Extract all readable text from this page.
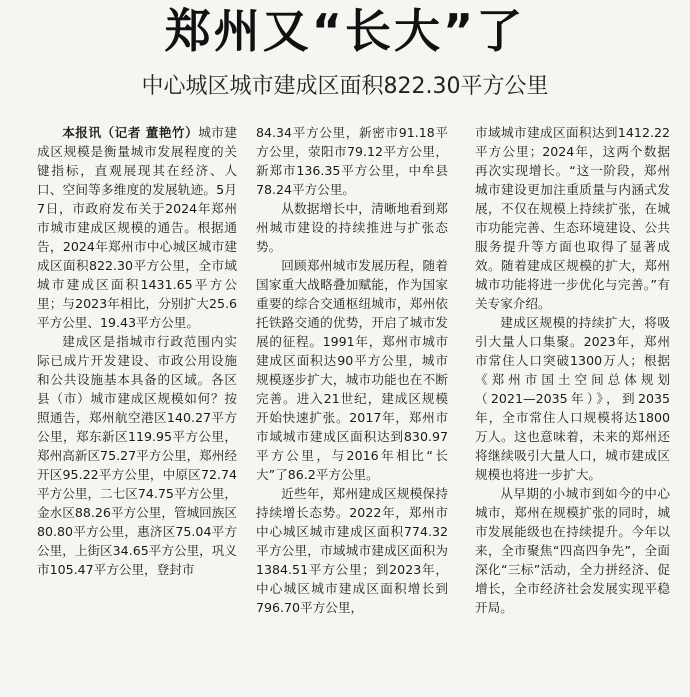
郑州又“长大”了
中心城区城市建成区面积822.30平方公里

本报讯（记者 董艳竹）城市建成区规模是衡量城市发展程度的关键指标，直观展现其在经济、人口、空间等多维度的发展轨迹。5月7日，市政府发布关于2024年郑州市城市建成区规模的通告。根据通告，2024年郑州市中心城区城市建成区面积822.30平方公里，全市域城市建成区面积1431.65平方公里；与2023年相比，分别扩大25.6平方公里、19.43平方公里。

建成区是指城市行政范围内实际已成片开发建设、市政公用设施和公共设施基本具备的区域。各区县（市）城市建成区规模如何？按照通告，郑州航空港区140.27平方公里，郑东新区119.95平方公里，郑州高新区75.27平方公里，郑州经开区95.22平方公里，中原区72.74平方公里，二七区74.75平方公里，金水区88.26平方公里，管城回族区80.80平方公里，惠济区75.04平方公里，上街区34.65平方公里，巩义市105.47平方公里，登封市

84.34平方公里，新密市91.18平方公里，荥阳市79.12平方公里，新郑市136.35平方公里，中牟县78.24平方公里。

从数据增长中，清晰地看到郑州城市建设的持续推进与扩张态势。

回顾郑州城市发展历程，随着国家重大战略叠加赋能，作为国家重要的综合交通枢纽城市，郑州依托铁路交通的优势，开启了城市发展的征程。1991年，郑州市城市建成区面积达90平方公里，城市规模逐步扩大，城市功能也在不断完善。进入21世纪，建成区规模开始快速扩张。2017年，郑州市市域城市建成区面积达到830.97平方公里，与2016年相比“长大”了86.2平方公里。

近些年，郑州建成区规模保持持续增长态势。2022年，郑州市中心城区城市建成区面积774.32平方公里，市域城市建成区面积为1384.51平方公里；到2023年，中心城区城市建成区面积增长到796.70平方公里，

市域城市建成区面积达到1412.22平方公里；2024年，这两个数据再次实现增长。“这一阶段，郑州城市建设更加注重质量与内涵式发展，不仅在规模上持续扩张，在城市功能完善、生态环境建设、公共服务提升等方面也取得了显著成效。随着建成区规模的扩大，郑州城市功能将进一步优化与完善。”有关专家介绍。

建成区规模的持续扩大，将吸引大量人口集聚。2023年，郑州市常住人口突破1300万人；根据《郑州市国土空间总体规划（2021—2035年）》，到2035年，全市常住人口规模将达1800万人。这也意味着，未来的郑州还将继续吸引大量人口，城市建成区规模也将进一步扩大。

从早期的小城市到如今的中心城市，郑州在规模扩张的同时，城市发展能级也在持续提升。今年以来，全市聚焦“四高四争先”，全面深化“三标”活动，全力拼经济、促增长，全市经济社会发展实现平稳开局。
